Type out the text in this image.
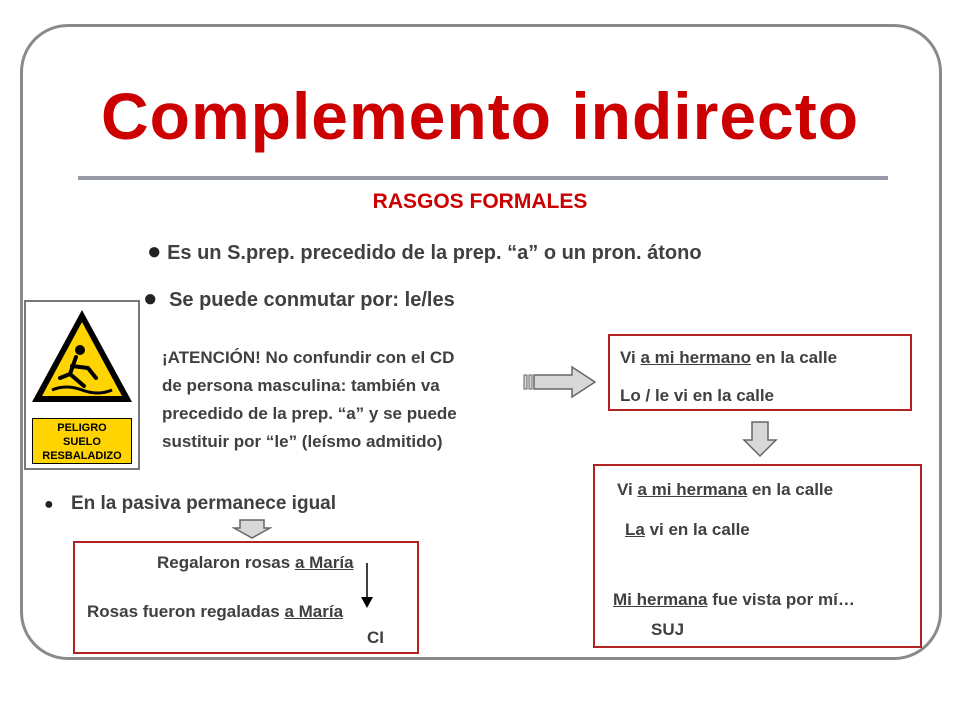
Complemento indirecto
RASGOS FORMALES
● Es un S.prep. precedido de la prep. “a” o un pron. átono
● Se puede conmutar por: le/les
PELIGRO
SUELO
RESBALADIZO
¡ATENCIÓN! No confundir con el CD
de persona masculina: también va
precedido de la prep. “a” y se puede
sustituir por “le” (leísmo admitido)
Vi a mi hermano en la calle
Lo / le vi en la calle
Vi a mi hermana en la calle
La vi en la calle
Mi hermana fue vista por mí…
SUJ
● En la pasiva permanece igual
Regalaron rosas a María
Rosas fueron regaladas a María
CI
